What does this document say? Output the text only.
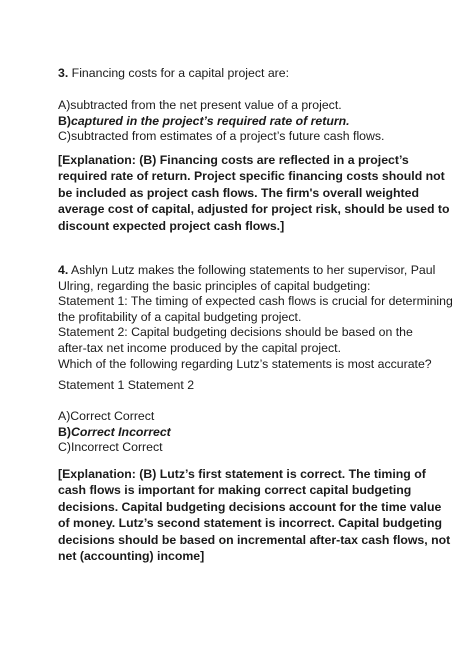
3. Financing costs for a capital project are:
A)subtracted from the net present value of a project.
B)captured in the project’s required rate of return.
C)subtracted from estimates of a project’s future cash flows.
[Explanation: (B) Financing costs are reflected in a project’s
required rate of return. Project specific financing costs should not
be included as project cash flows. The firm's overall weighted
average cost of capital, adjusted for project risk, should be used to
discount expected project cash flows.]
4. Ashlyn Lutz makes the following statements to her supervisor, Paul
Ulring, regarding the basic principles of capital budgeting:
Statement 1: The timing of expected cash flows is crucial for determining
the profitability of a capital budgeting project.
Statement 2: Capital budgeting decisions should be based on the
after-tax net income produced by the capital project.
Which of the following regarding Lutz’s statements is most accurate?
Statement 1 Statement 2
A)Correct Correct
B)Correct Incorrect
C)Incorrect Correct
[Explanation: (B) Lutz’s first statement is correct. The timing of
cash flows is important for making correct capital budgeting
decisions. Capital budgeting decisions account for the time value
of money. Lutz’s second statement is incorrect. Capital budgeting
decisions should be based on incremental after-tax cash flows, not
net (accounting) income]
